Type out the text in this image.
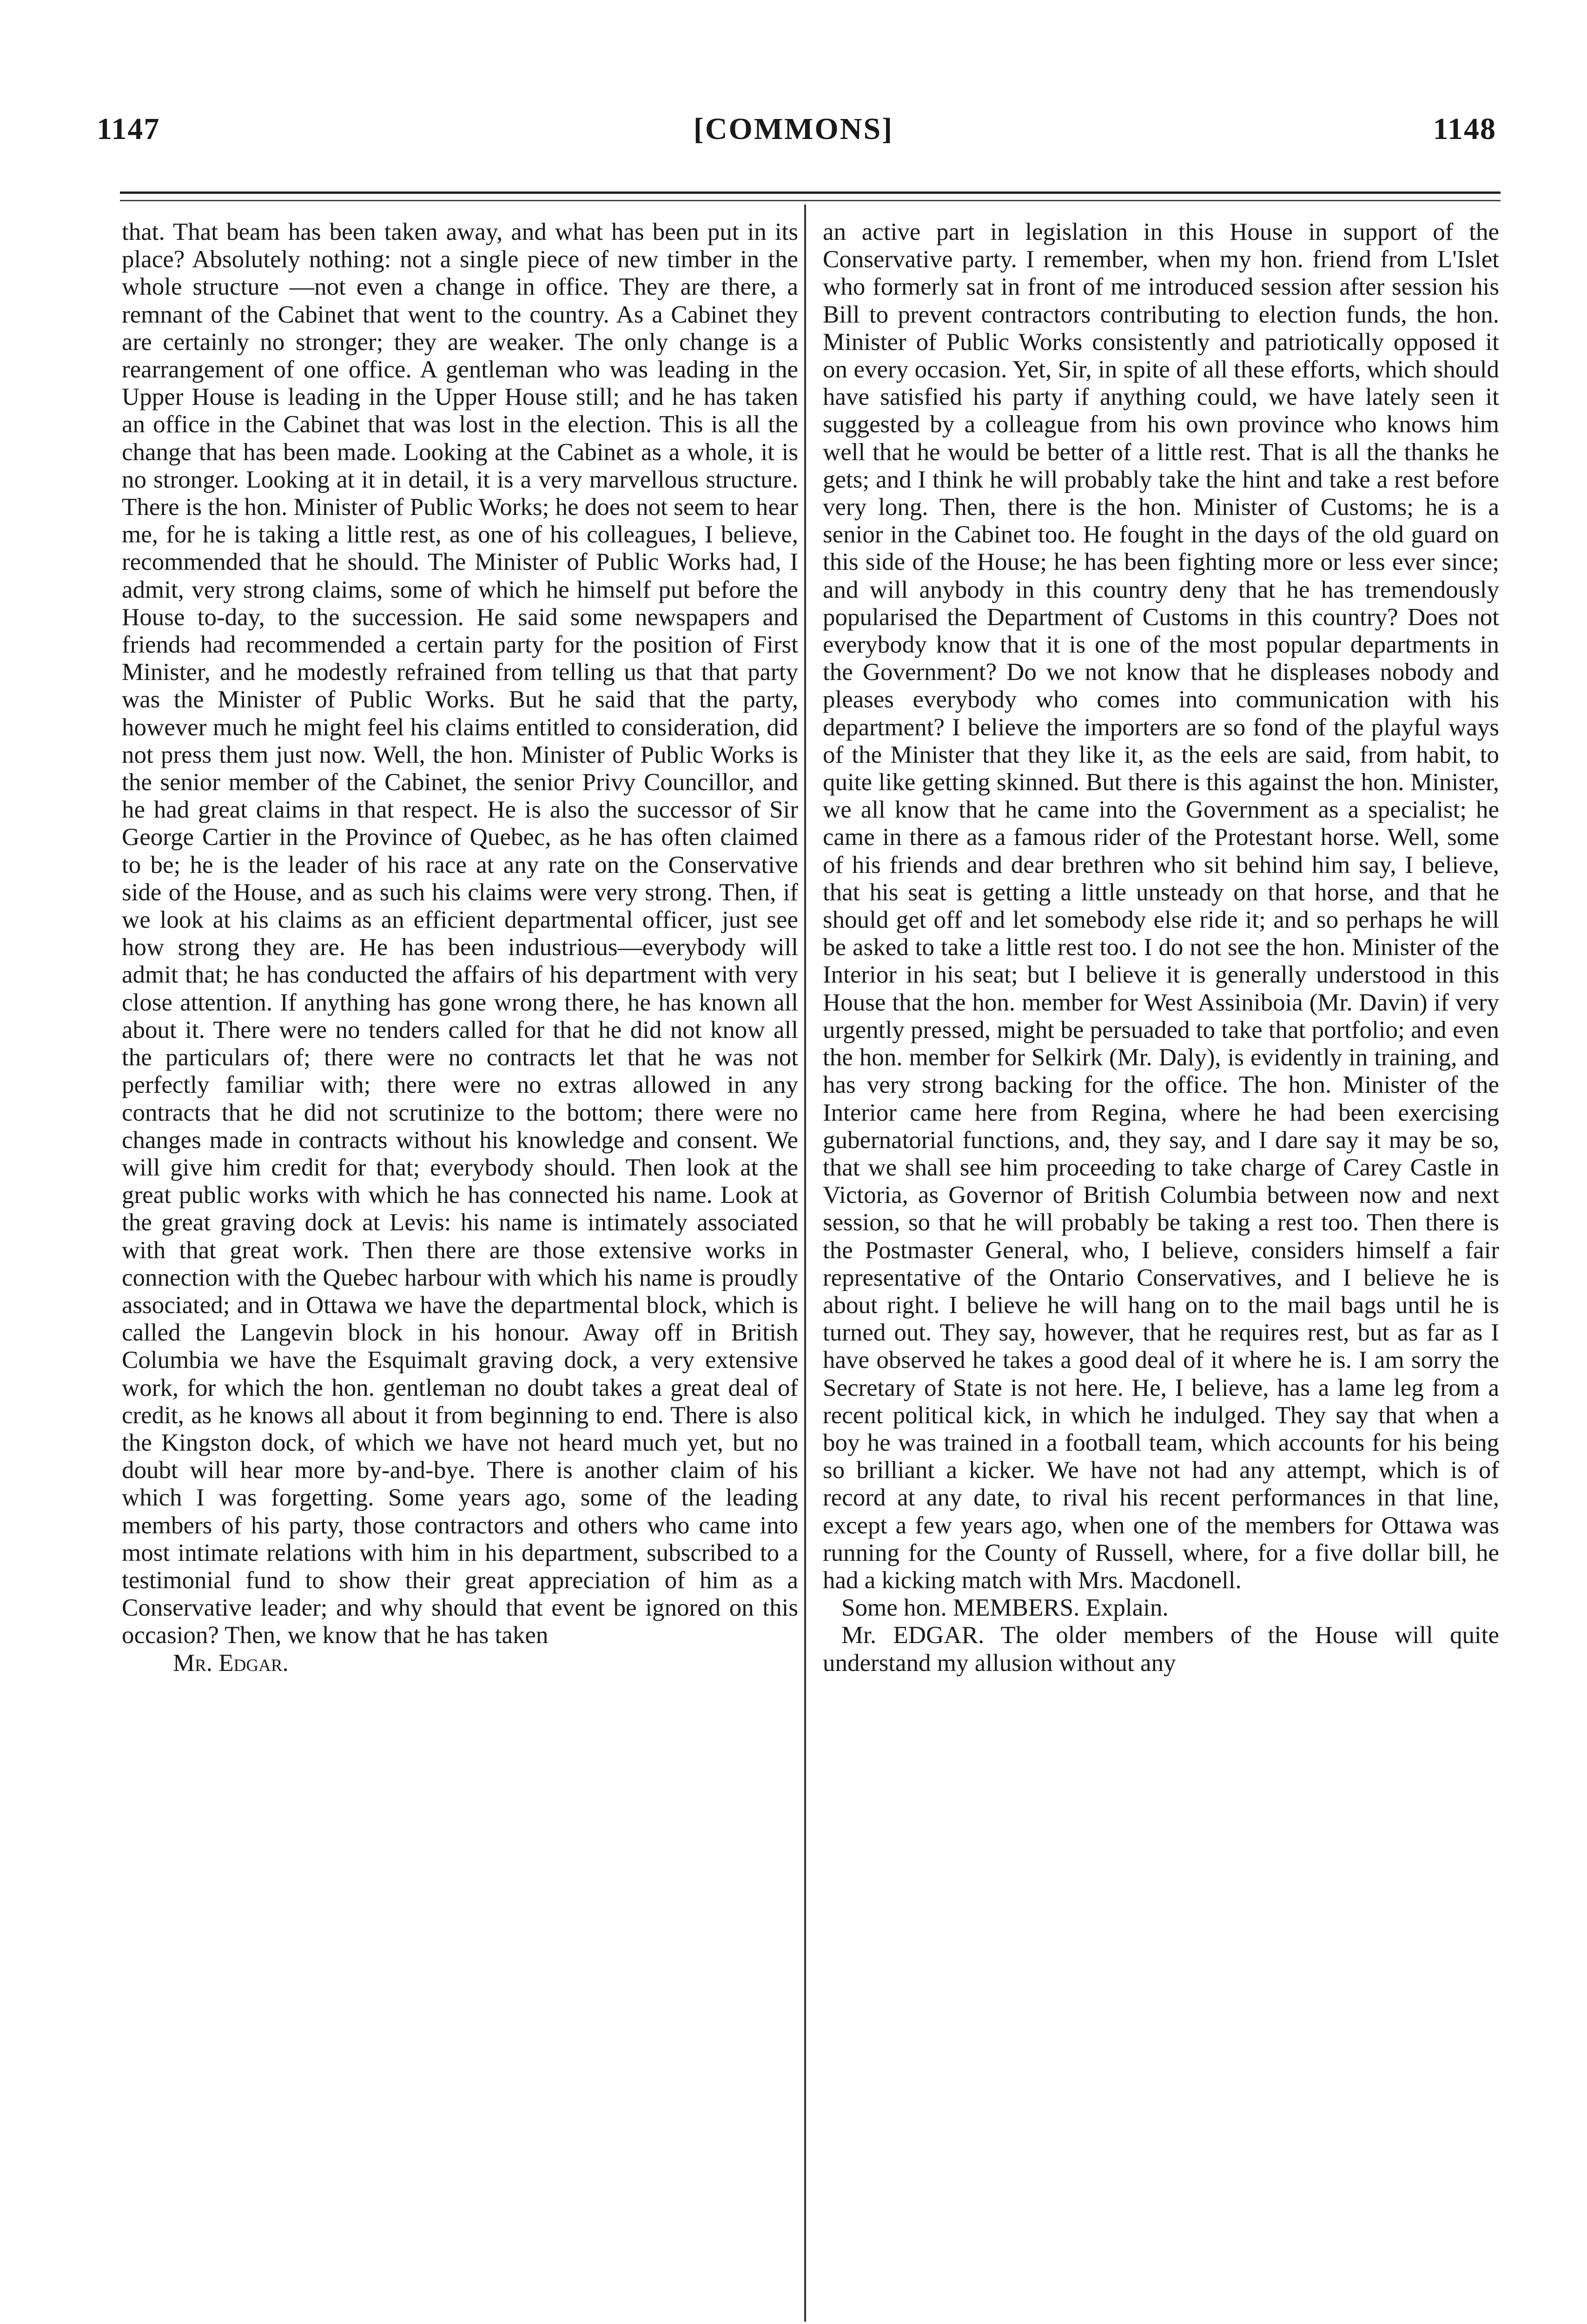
1147	[COMMONS]	1148

that. That beam has been taken away, and what has been put in its place? Absolutely nothing: not a single piece of new timber in the whole structure —not even a change in office. They are there, a remnant of the Cabinet that went to the country. As a Cabinet they are certainly no stronger; they are weaker. The only change is a rearrangement of one office. A gentleman who was leading in the Upper House is leading in the Upper House still; and he has taken an office in the Cabinet that was lost in the election. This is all the change that has been made. Looking at the Cabinet as a whole, it is no stronger. Looking at it in detail, it is a very marvellous structure. There is the hon. Minister of Public Works; he does not seem to hear me, for he is taking a little rest, as one of his colleagues, I believe, recommended that he should. The Minister of Public Works had, I admit, very strong claims, some of which he himself put before the House to-day, to the succession. He said some newspapers and friends had recommended a certain party for the position of First Minister, and he modestly refrained from telling us that that party was the Minister of Public Works. But he said that the party, however much he might feel his claims entitled to consideration, did not press them just now. Well, the hon. Minister of Public Works is the senior member of the Cabinet, the senior Privy Councillor, and he had great claims in that respect. He is also the successor of Sir George Cartier in the Province of Quebec, as he has often claimed to be; he is the leader of his race at any rate on the Conservative side of the House, and as such his claims were very strong. Then, if we look at his claims as an efficient departmental officer, just see how strong they are. He has been industrious—everybody will admit that; he has conducted the affairs of his department with very close attention. If anything has gone wrong there, he has known all about it. There were no tenders called for that he did not know all the particulars of; there were no contracts let that he was not perfectly familiar with; there were no extras allowed in any contracts that he did not scrutinize to the bottom; there were no changes made in contracts without his knowledge and consent. We will give him credit for that; everybody should. Then look at the great public works with which he has connected his name. Look at the great graving dock at Levis: his name is intimately associated with that great work. Then there are those extensive works in connection with the Quebec harbour with which his name is proudly associated; and in Ottawa we have the departmental block, which is called the Langevin block in his honour. Away off in British Columbia we have the Esquimalt graving dock, a very extensive work, for which the hon. gentleman no doubt takes a great deal of credit, as he knows all about it from beginning to end. There is also the Kingston dock, of which we have not heard much yet, but no doubt will hear more by-and-bye. There is another claim of his which I was forgetting. Some years ago, some of the leading members of his party, those contractors and others who came into most intimate relations with him in his department, subscribed to a testimonial fund to show their great appreciation of him as a Conservative leader; and why should that event be ignored on this occasion? Then, we know that he has taken

Mr. Edgar.

an active part in legislation in this House in support of the Conservative party. I remember, when my hon. friend from L'Islet who formerly sat in front of me introduced session after session his Bill to prevent contractors contributing to election funds, the hon. Minister of Public Works consistently and patriotically opposed it on every occasion. Yet, Sir, in spite of all these efforts, which should have satisfied his party if anything could, we have lately seen it suggested by a colleague from his own province who knows him well that he would be better of a little rest. That is all the thanks he gets; and I think he will probably take the hint and take a rest before very long. Then, there is the hon. Minister of Customs; he is a senior in the Cabinet too. He fought in the days of the old guard on this side of the House; he has been fighting more or less ever since; and will anybody in this country deny that he has tremendously popularised the Department of Customs in this country? Does not everybody know that it is one of the most popular departments in the Government? Do we not know that he displeases nobody and pleases everybody who comes into communication with his department? I believe the importers are so fond of the playful ways of the Minister that they like it, as the eels are said, from habit, to quite like getting skinned. But there is this against the hon. Minister, we all know that he came into the Government as a specialist; he came in there as a famous rider of the Protestant horse. Well, some of his friends and dear brethren who sit behind him say, I believe, that his seat is getting a little unsteady on that horse, and that he should get off and let somebody else ride it; and so perhaps he will be asked to take a little rest too. I do not see the hon. Minister of the Interior in his seat; but I believe it is generally understood in this House that the hon. member for West Assiniboia (Mr. Davin) if very urgently pressed, might be persuaded to take that portfolio; and even the hon. member for Selkirk (Mr. Daly), is evidently in training, and has very strong backing for the office. The hon. Minister of the Interior came here from Regina, where he had been exercising gubernatorial functions, and, they say, and I dare say it may be so, that we shall see him proceeding to take charge of Carey Castle in Victoria, as Governor of British Columbia between now and next session, so that he will probably be taking a rest too. Then there is the Postmaster General, who, I believe, considers himself a fair representative of the Ontario Conservatives, and I believe he is about right. I believe he will hang on to the mail bags until he is turned out. They say, however, that he requires rest, but as far as I have observed he takes a good deal of it where he is. I am sorry the Secretary of State is not here. He, I believe, has a lame leg from a recent political kick, in which he indulged. They say that when a boy he was trained in a football team, which accounts for his being so brilliant a kicker. We have not had any attempt, which is of record at any date, to rival his recent performances in that line, except a few years ago, when one of the members for Ottawa was running for the County of Russell, where, for a five dollar bill, he had a kicking match with Mrs. Macdonell.

Some hon. MEMBERS. Explain.

Mr. EDGAR. The older members of the House will quite understand my allusion without any
